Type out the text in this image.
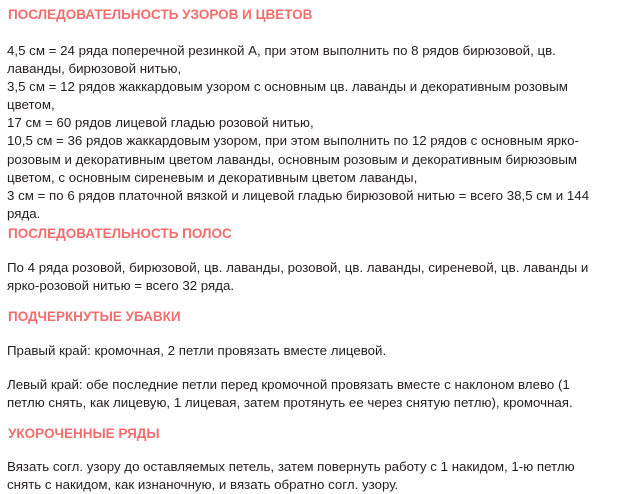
ПОСЛЕДОВАТЕЛЬНОСТЬ УЗОРОВ И ЦВЕТОВ

4,5 см = 24 ряда поперечной резинкой А, при этом выполнить по 8 рядов бирюзовой, цв.
лаванды, бирюзовой нитью,
3,5 см = 12 рядов жаккардовым узором с основным цв. лаванды и декоративным розовым
цветом,
17 см = 60 рядов лицевой гладью розовой нитью,
10,5 см = 36 рядов жаккардовым узором, при этом выполнить по 12 рядов с основным ярко-
розовым и декоративным цветом лаванды, основным розовым и декоративным бирюзовым
цветом, с основным сиреневым и декоративным цветом лаванды,
3 см = по 6 рядов платочной вязкой и лицевой гладью бирюзовой нитью = всего 38,5 см и 144
ряда.

ПОСЛЕДОВАТЕЛЬНОСТЬ ПОЛОС

По 4 ряда розовой, бирюзовой, цв. лаванды, розовой, цв. лаванды, сиреневой, цв. лаванды и
ярко-розовой нитью = всего 32 ряда.

ПОДЧЕРКНУТЫЕ УБАВКИ

Правый край: кромочная, 2 петли провязать вместе лицевой.

Левый край: обе последние петли перед кромочной провязать вместе с наклоном влево (1
петлю снять, как лицевую, 1 лицевая, затем протянуть ее через снятую петлю), кромочная.

УКОРОЧЕННЫЕ РЯДЫ

Вязать согл. узору до оставляемых петель, затем повернуть работу с 1 накидом, 1-ю петлю
снять с накидом, как изнаночную, и вязать обратно согл. узору.
